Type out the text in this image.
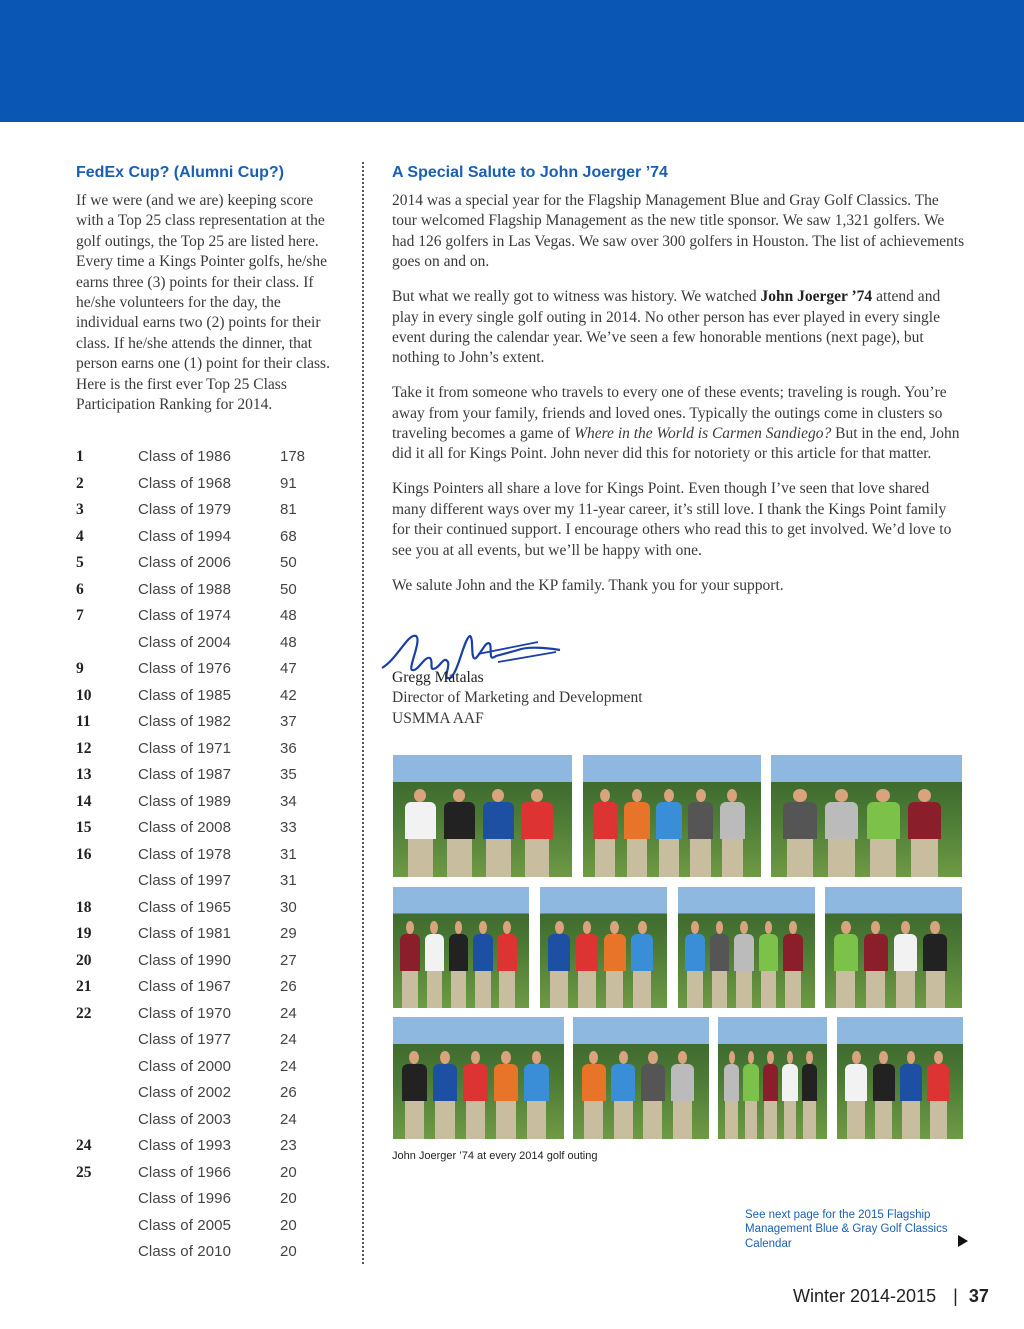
FedEx Cup? (Alumni Cup?)

If we were (and we are) keeping score with a Top 25 class representation at the golf outings, the Top 25 are listed here. Every time a Kings Pointer golfs, he/she earns three (3) points for their class. If he/she volunteers for the day, the individual earns two (2) points for their class. If he/she attends the dinner, that person earns one (1) point for their class. Here is the first ever Top 25 Class Participation Ranking for 2014.

1	Class of 1986	178
2	Class of 1968	91
3	Class of 1979	81
4	Class of 1994	68
5	Class of 2006	50
6	Class of 1988	50
7	Class of 1974	48
Class of 2004	48
9	Class of 1976	47
10	Class of 1985	42
11	Class of 1982	37
12	Class of 1971	36
13	Class of 1987	35
14	Class of 1989	34
15	Class of 2008	33
16	Class of 1978	31
Class of 1997	31
18	Class of 1965	30
19	Class of 1981	29
20	Class of 1990	27
21	Class of 1967	26
22	Class of 1970	24
Class of 1977	24
Class of 2000	24
Class of 2002	26
Class of 2003	24
24	Class of 1993	23
25	Class of 1966	20
Class of 1996	20
Class of 2005	20
Class of 2010	20
A Special Salute to John Joerger ’74

2014 was a special year for the Flagship Management Blue and Gray Golf Classics. The tour welcomed Flagship Management as the new title sponsor. We saw 1,321 golfers. We had 126 golfers in Las Vegas. We saw over 300 golfers in Houston. The list of achievements goes on and on.

But what we really got to witness was history. We watched John Joerger ’74 attend and play in every single golf outing in 2014. No other person has ever played in every single event during the calendar year. We’ve seen a few honorable mentions (next page), but nothing to John’s extent.

Take it from someone who travels to every one of these events; traveling is rough. You’re away from your family, friends and loved ones. Typically the outings come in clusters so traveling becomes a game of Where in the World is Carmen Sandiego? But in the end, John did it all for Kings Point. John never did this for notoriety or this article for that matter.

Kings Pointers all share a love for Kings Point. Even though I’ve seen that love shared many different ways over my 11-year career, it’s still love. I thank the Kings Point family for their continued support. I encourage others who read this to get involved. We’d love to see you at all events, but we’ll be happy with one.

We salute John and the KP family. Thank you for your support.

Gregg Matalas
Director of Marketing and Development
USMMA AAF
John Joerger ’74 at every 2014 golf outing
See next page for the 2015 Flagship Management Blue & Gray Golf Classics Calendar
Winter 2014-2015 | 37
